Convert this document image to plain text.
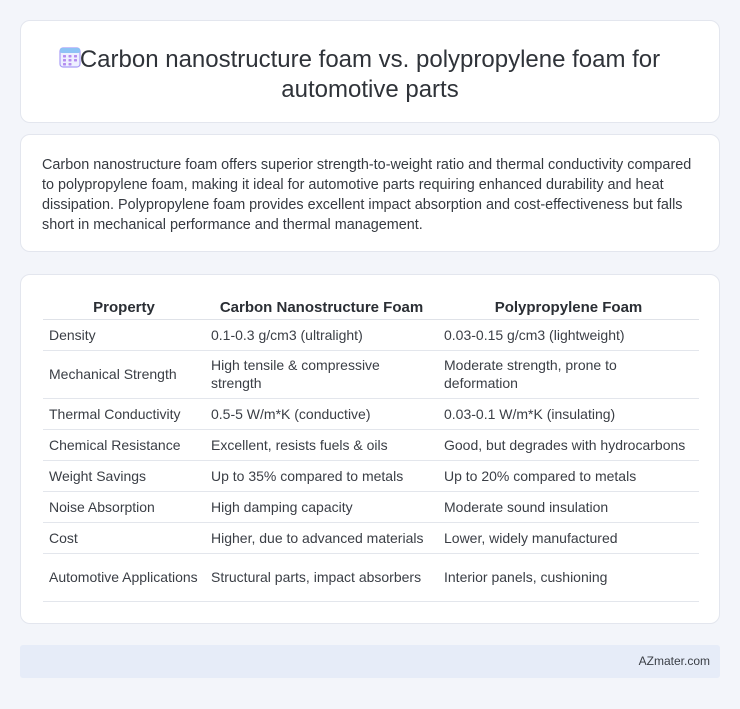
Carbon nanostructure foam vs. polypropylene foam for
automotive parts

Carbon nanostructure foam offers superior strength-to-weight ratio and thermal conductivity compared to polypropylene foam, making it ideal for automotive parts requiring enhanced durability and heat dissipation. Polypropylene foam provides excellent impact absorption and cost-effectiveness but falls short in mechanical performance and thermal management.

Property	Carbon Nanostructure Foam	Polypropylene Foam
Density	0.1-0.3 g/cm3 (ultralight)	0.03-0.15 g/cm3 (lightweight)
Mechanical Strength	High tensile & compressive strength	Moderate strength, prone to deformation
Thermal Conductivity	0.5-5 W/m*K (conductive)	0.03-0.1 W/m*K (insulating)
Chemical Resistance	Excellent, resists fuels & oils	Good, but degrades with hydrocarbons
Weight Savings	Up to 35% compared to metals	Up to 20% compared to metals
Noise Absorption	High damping capacity	Moderate sound insulation
Cost	Higher, due to advanced materials	Lower, widely manufactured
Automotive Applications	Structural parts, impact absorbers	Interior panels, cushioning
AZmater.com
